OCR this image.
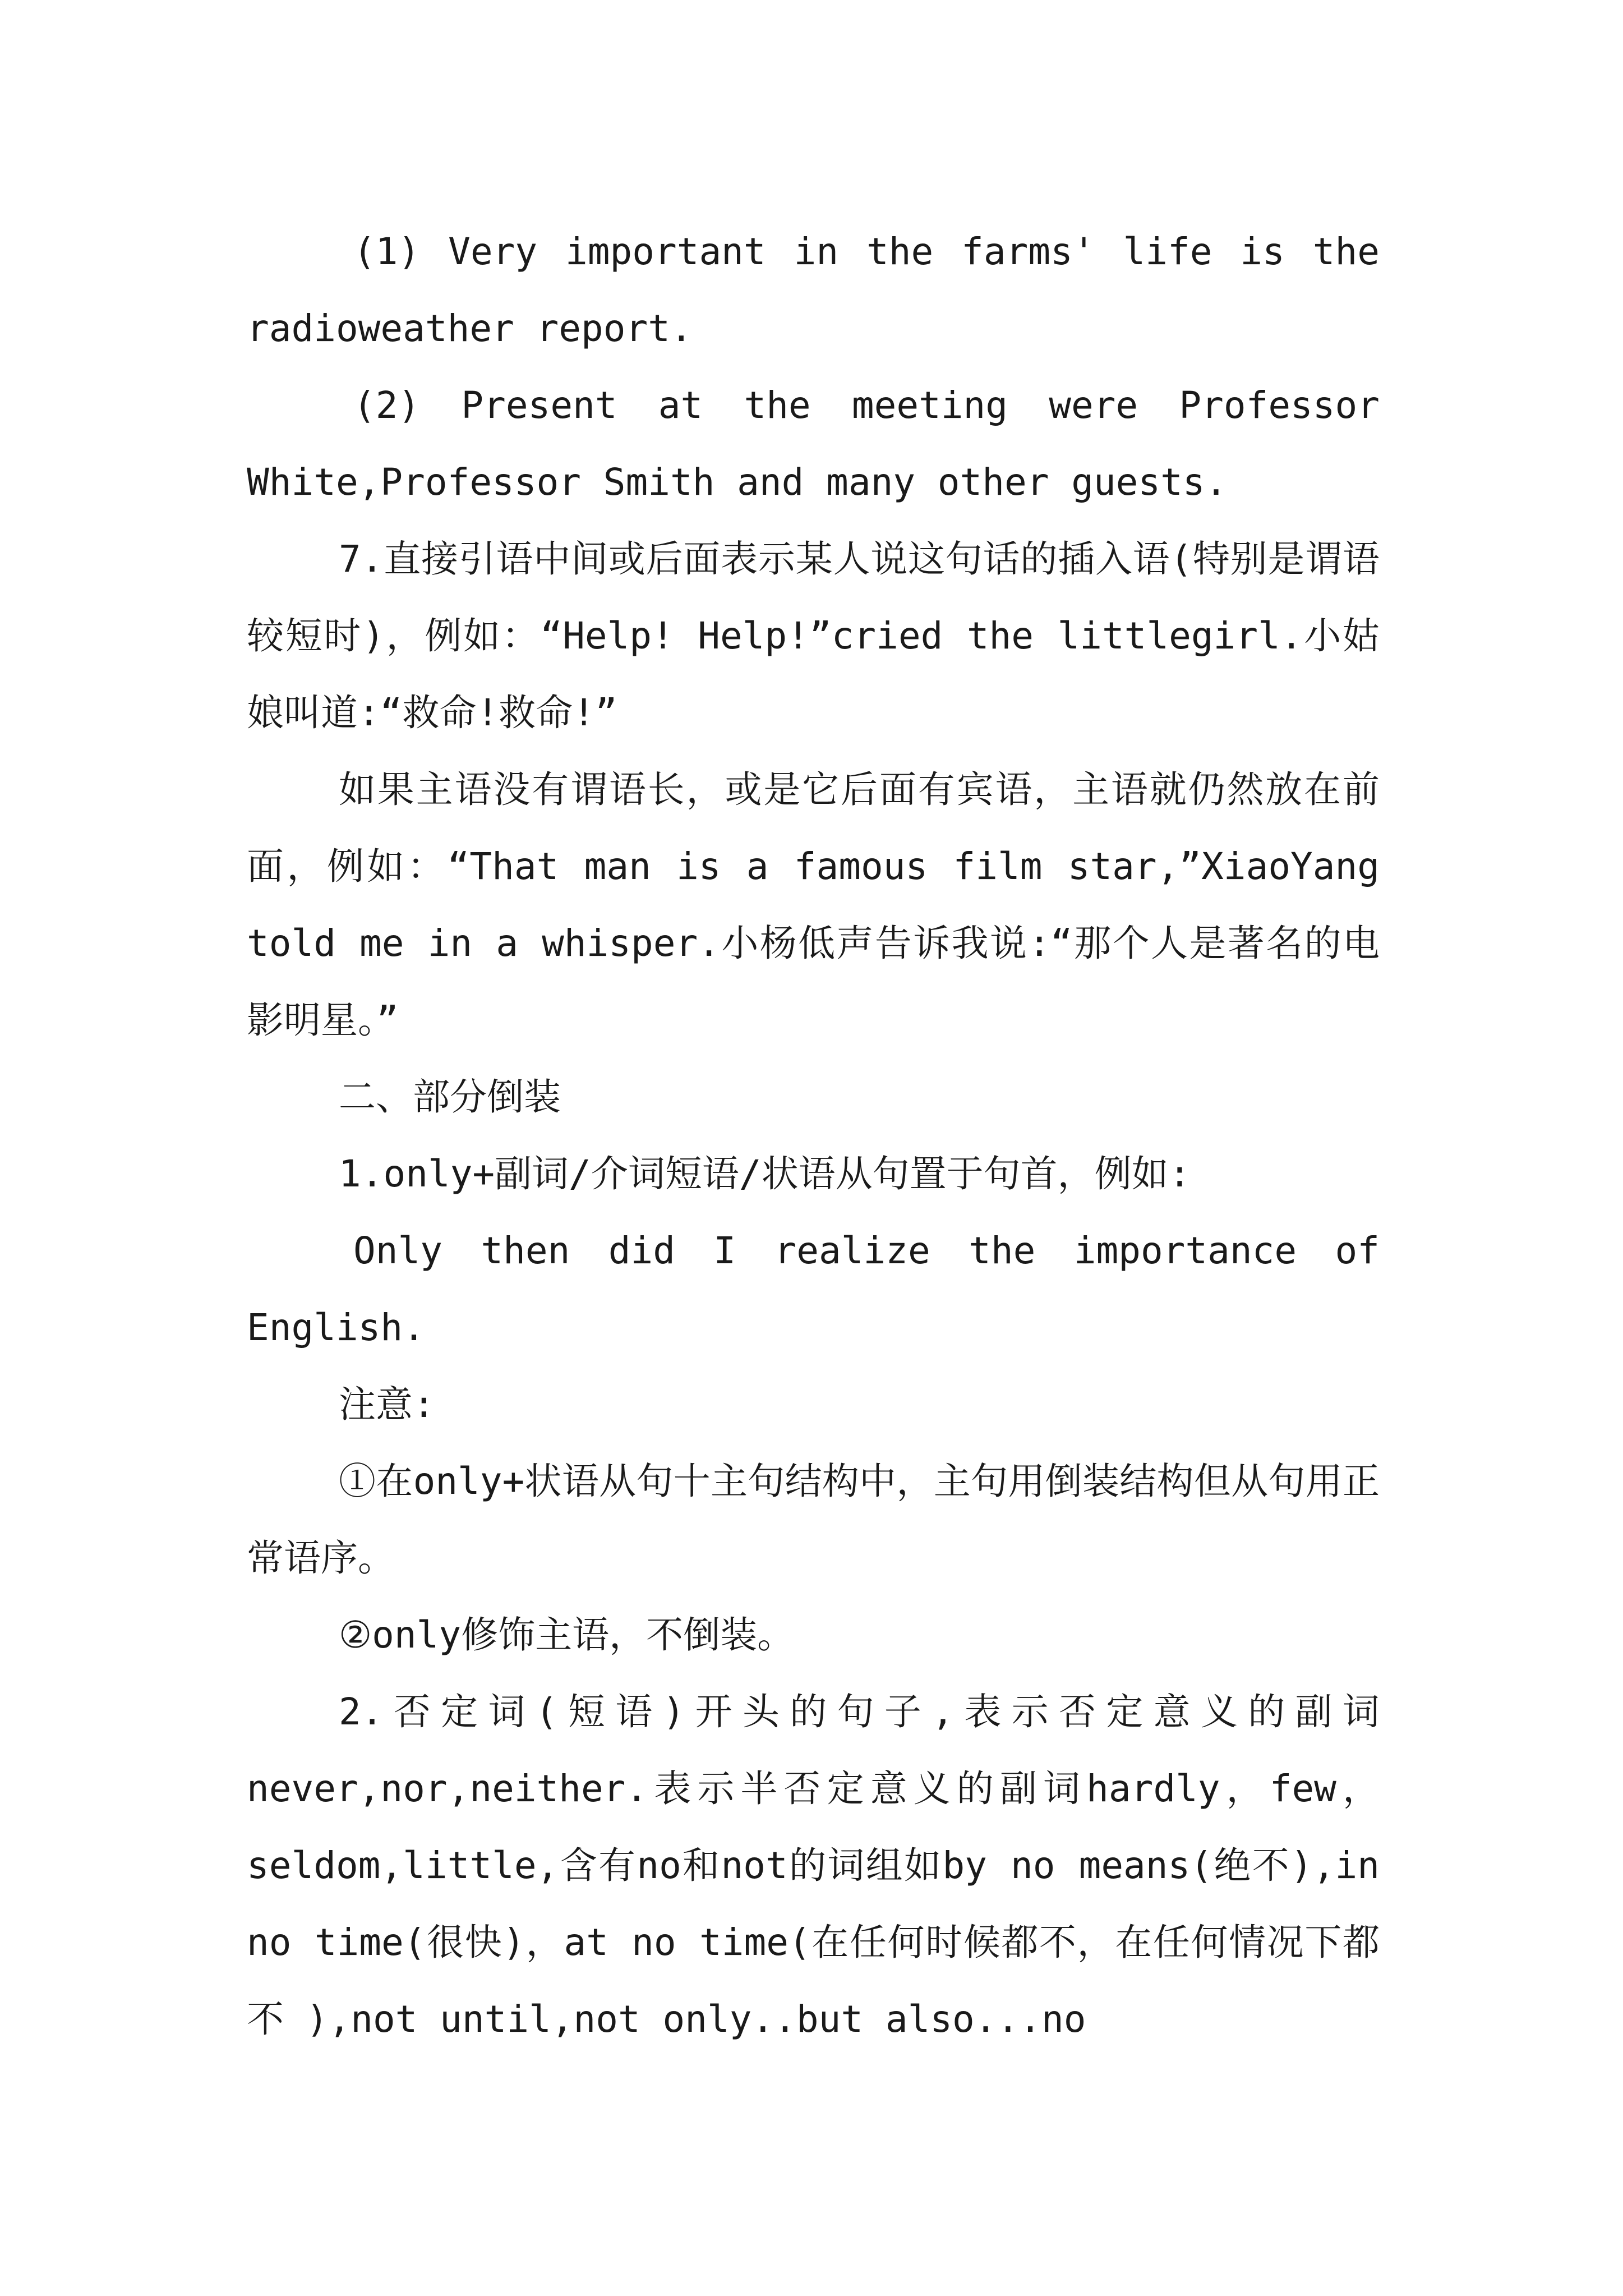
(1) Very important in the farms' life is the radioweather report.

(2) Present at the meeting were Professor White,Professor Smith and many other guests.

7.直接引语中间或后面表示某人说这句话的插入语(特别是谓语较短时)，例如：“Help! Help!”cried the littlegirl.小姑娘叫道:“救命!救命!”

如果主语没有谓语长，或是它后面有宾语，主语就仍然放在前面，例如：“That man is a famous film star,”XiaoYang told me in a whisper.小杨低声告诉我说:“那个人是著名的电影明星。”

二、部分倒装

1.only+副词/介词短语/状语从句置于句首，例如:

Only then did I realize the importance of English.

注意:

①在only+状语从句十主句结构中，主句用倒装结构但从句用正常语序。

②only修饰主语，不倒装。

2.否定词(短语)开头的句子,表示否定意义的副词never,nor,neither.表示半否定意义的副词hardly，few，seldom,little,含有no和not的词组如by no means(绝不),in no time(很快)，at no time(在任何时候都不，在任何情况下都 不 ),not until,not only..but also...no
